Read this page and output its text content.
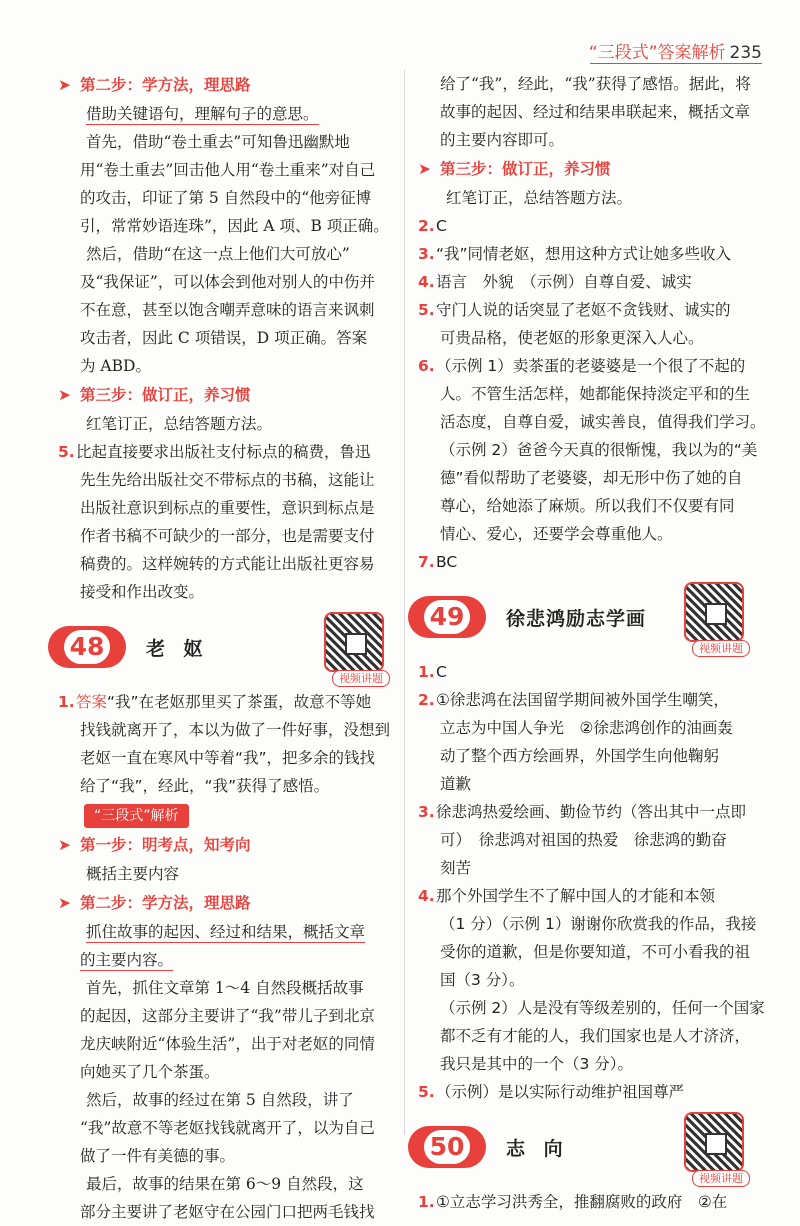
“三段式”答案解析 235
➤ 第二步：学方法，理思路
借助关键语句，理解句子的意思。
首先，借助“卷土重去”可知鲁迅幽默地
用“卷土重去”回击他人用“卷土重来”对自己
的攻击，印证了第 5 自然段中的“他旁征博
引，常常妙语连珠”，因此 A 项、B 项正确。
然后，借助“在这一点上他们大可放心”
及“我保证”，可以体会到他对别人的中伤并
不在意，甚至以饱含嘲弄意味的语言来讽刺
攻击者，因此 C 项错误，D 项正确。答案
为 ABD。
➤ 第三步：做订正，养习惯
红笔订正，总结答题方法。
5.比起直接要求出版社支付标点的稿费，鲁迅
先生先给出版社交不带标点的书稿，这能让
出版社意识到标点的重要性，意识到标点是
作者书稿不可缺少的一部分，也是需要支付
稿费的。这样婉转的方式能让出版社更容易
接受和作出改变。
48	老 妪
视频讲题
1.答案“我”在老妪那里买了茶蛋，故意不等她
找钱就离开了，本以为做了一件好事，没想到
老妪一直在寒风中等着“我”，把多余的钱找
给了“我”，经此，“我”获得了感悟。
“三段式”解析
➤ 第一步：明考点，知考向
概括主要内容
➤ 第二步：学方法，理思路
抓住故事的起因、经过和结果，概括文章
的主要内容。
首先，抓住文章第 1～4 自然段概括故事
的起因，这部分主要讲了“我”带儿子到北京
龙庆峡附近“体验生活”，出于对老妪的同情
向她买了几个茶蛋。
然后，故事的经过在第 5 自然段，讲了
“我”故意不等老妪找钱就离开了，以为自己
做了一件有美德的事。
最后，故事的结果在第 6～9 自然段，这
部分主要讲了老妪守在公园门口把两毛钱找
给了“我”，经此，“我”获得了感悟。据此，将
故事的起因、经过和结果串联起来，概括文章
的主要内容即可。
➤ 第三步：做订正，养习惯
红笔订正，总结答题方法。
2.C
3.“我”同情老妪，想用这种方式让她多些收入
4.语言　外貌　（示例）自尊自爱、诚实
5.守门人说的话突显了老妪不贪钱财、诚实的
可贵品格，使老妪的形象更深入人心。
6.（示例 1）卖茶蛋的老婆婆是一个很了不起的
人。不管生活怎样，她都能保持淡定平和的生
活态度，自尊自爱，诚实善良，值得我们学习。
（示例 2）爸爸今天真的很惭愧，我以为的“美
德”看似帮助了老婆婆，却无形中伤了她的自
尊心，给她添了麻烦。所以我们不仅要有同
情心、爱心，还要学会尊重他人。
7.BC
49	徐悲鸿励志学画
视频讲题
1.C
2.①徐悲鸿在法国留学期间被外国学生嘲笑，
立志为中国人争光　②徐悲鸿创作的油画轰
动了整个西方绘画界，外国学生向他鞠躬
道歉
3.徐悲鸿热爱绘画、勤俭节约（答出其中一点即
可）　徐悲鸿对祖国的热爱　徐悲鸿的勤奋
刻苦
4.那个外国学生不了解中国人的才能和本领
（1 分）（示例 1）谢谢你欣赏我的作品，我接
受你的道歉，但是你要知道，不可小看我的祖
国（3 分）。
（示例 2）人是没有等级差别的，任何一个国家
都不乏有才能的人，我们国家也是人才济济，
我只是其中的一个（3 分）。
5.（示例）是以实际行动维护祖国尊严
50	志 向
视频讲题
1.①立志学习洪秀全，推翻腐败的政府　②在
